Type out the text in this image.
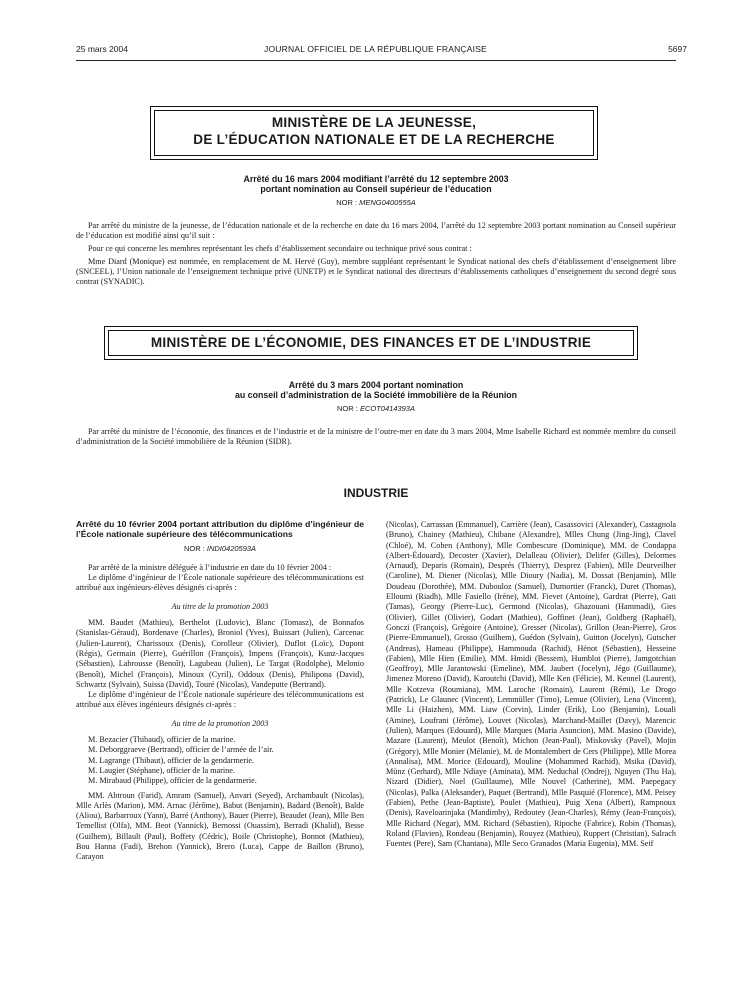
25 mars 2004	JOURNAL OFFICIEL DE LA RÉPUBLIQUE FRANÇAISE	5697
MINISTÈRE DE LA JEUNESSE,
DE L’ÉDUCATION NATIONALE ET DE LA RECHERCHE
Arrêté du 16 mars 2004 modifiant l’arrêté du 12 septembre 2003
portant nomination au Conseil supérieur de l’éducation
NOR : MENG0400555A
Par arrêté du ministre de la jeunesse, de l’éducation nationale et de la recherche en date du 16 mars 2004, l’arrêté du 12 septembre 2003 portant nomination au Conseil supérieur de l’éducation est modifié ainsi qu’il suit :
Pour ce qui concerne les membres représentant les chefs d’établissement secondaire ou technique privé sous contrat :
Mme Diard (Monique) est nommée, en remplacement de M. Hervé (Guy), membre suppléant représentant le Syndicat national des chefs d’établissement d’enseignement libre (SNCEEL), l’Union nationale de l’enseignement technique privé (UNETP) et le Syndicat national des directeurs d’établissements catholiques d’enseignement du second degré sous contrat (SYNADIC).
MINISTÈRE DE L’ÉCONOMIE, DES FINANCES ET DE L’INDUSTRIE
Arrêté du 3 mars 2004 portant nomination
au conseil d’administration de la Société immobilière de la Réunion
NOR : ECOT0414393A
Par arrêté du ministre de l’économie, des finances et de l’industrie et de la ministre de l’outre-mer en date du 3 mars 2004, Mme Isabelle Richard est nommée membre du conseil d’administration de la Société immobilière de la Réunion (SIDR).
INDUSTRIE

Arrêté du 10 février 2004 portant attribution du diplôme d’ingénieur de l’École nationale supérieure des télécommunications

NOR : INDI0420593A

Par arrêté de la ministre déléguée à l’industrie en date du 10 février 2004 :

Le diplôme d’ingénieur de l’École nationale supérieure des télécommunications est attribué aux ingénieurs-élèves désignés ci-après :

Au titre de la promotion 2003

MM. Baudet (Mathieu), Berthelot (Ludovic), Blanc (Tomasz), de Bonnafos (Stanislas-Géraud), Bordenave (Charles), Broniol (Yves), Buissart (Julien), Carcenac (Julien-Laurent), Charissoux (Denis), Corolleur (Olivier), Duflot (Loïc), Dupont (Régis), Germain (Pierre), Guérillon (François), Impens (François), Kunz-Jacques (Sébastien), Labrousse (Benoît), Lagubeau (Julien), Le Targat (Rodolphe), Melonio (Benoît), Michel (François), Minoux (Cyril), Oddoux (Denis), Philipona (David), Schwartz (Sylvain), Suissa (David), Touré (Nicolas), Vandeputte (Bertrand).

Le diplôme d’ingénieur de l’École nationale supérieure des télécommunications est attribué aux élèves ingénieurs désignés ci-après :

Au titre de la promotion 2003

M. Bezacier (Thibaud), officier de la marine.

M. Deborggraeve (Bertrand), officier de l’armée de l’air.

M. Lagrange (Thibaut), officier de la gendarmerie.

M. Laugier (Stéphane), officier de la marine.

M. Mirabaud (Philippe), officier de la gendarmerie.

MM. Abtroun (Farid), Amram (Samuel), Anvari (Seyed), Archambault (Nicolas), Mlle Arlès (Marion), MM. Arnac (Jérôme), Babut (Benjamin), Badard (Benoît), Balde (Aliou), Barbarroux (Yann), Barré (Anthony), Bauer (Pierre), Beaudet (Jean), Mlle Ben Temellist (Olfa), MM. Beot (Yannick), Bernossi (Ouassim), Berradi (Khalid), Besse (Guilhem), Billault (Paul), Boffety (Cédric), Boile (Christophe), Bonnot (Mathieu), Bou Hanna (Fadi), Brehon (Yannick), Brero (Luca), Cappe de Baillon (Bruno), Carayon

(Nicolas), Carrassan (Emmanuel), Carrière (Jean), Casassovici (Alexander), Castagnola (Bruno), Chainey (Mathieu), Chibane (Alexandre), Mlles Chung (Jing-Jing), Clavel (Chloé), M. Cohen (Anthony), Mlle Combescure (Dominique), MM. de Condappa (Albert-Édouard), Decoster (Xavier), Delalleau (Olivier), Delifer (Gilles), Delormes (Arnaud), Deparis (Romain), Després (Thierry), Desprez (Fabien), Mlle Deurveilher (Caroline), M. Diener (Nicolas), Mlle Dioury (Nadia), M. Dossat (Benjamin), Mlle Doudeau (Dorothée), MM. Dubouloz (Samuel), Dumortier (Franck), Duret (Thomas), Elloumi (Riadh), Mlle Fasiello (Irène), MM. Fievet (Antoine), Gardrat (Pierre), Gati (Tamas), Georgy (Pierre-Luc), Germond (Nicolas), Ghazouani (Hammadi), Gies (Olivier), Gillet (Olivier), Godart (Mathieu), Goffinet (Jean), Goldberg (Raphaël), Gonczi (François), Grégoire (Antoine), Gresser (Nicolas), Grillon (Jean-Pierre), Gros (Pierre-Emmanuel), Grosso (Guilhem), Guédon (Sylvain), Guitton (Jocelyn), Gutscher (Andreas), Hameau (Philippe), Hammouda (Rachid), Hénot (Sébastien), Hesseine (Fabien), Mlle Hien (Emilie), MM. Hmidi (Bessem), Humblot (Pierre), Jamgotchian (Geoffroy), Mlle Jarantowski (Emeline), MM. Jaubert (Jocelyn), Jégo (Guillaume), Jimenez Moreno (David), Karoutchi (David), Mlle Ken (Félicie), M. Kennel (Laurent), Mlle Kotzeva (Roumiana), MM. Laroche (Romain), Laurent (Rémi), Le Drogo (Patrick), Le Glaunec (Vincent), Lemmüller (Timo), Lemue (Olivier), Lena (Vincent), Mlle Li (Haizhen), MM. Liaw (Corvin), Linder (Erik), Loo (Benjamin), Louali (Amine), Loufrani (Jérôme), Louvet (Nicolas), Marchand-Maillet (Davy), Marencic (Julien), Marques (Edouard), Mlle Marques (Maria Asuncion), MM. Masino (Davide), Mazare (Laurent), Meulot (Benoît), Michon (Jean-Paul), Miskovsky (Pavel), Mojin (Grégory), Mlle Monier (Mélanie), M. de Montalembert de Cers (Philippe), Mlle Morea (Annalisa), MM. Morice (Edouard), Mouline (Mohammed Rachid), Msika (David), Münz (Gerhard), Mlle Ndiaye (Aminata), MM. Neduchal (Ondrej), Nguyen (Thu Ha), Nizard (Didier), Noel (Guillaume), Mlle Nouvel (Catherine), MM. Paepegacy (Nicolas), Palka (Aleksander), Paquet (Bertrand), Mlle Pasquié (Florence), MM. Peisey (Fabien), Pethe (Jean-Baptiste), Poulet (Mathieu), Puig Xena (Albert), Rampnoux (Denis), Raveloarinjaka (Mandimby), Redoutey (Jean-Charles), Rémy (Jean-François), Mlle Richard (Negar), MM. Richard (Sébastien), Ripoche (Fabrice), Robin (Thomas), Roland (Flavien), Rondeau (Benjamin), Rouyez (Mathieu), Ruppert (Christian), Salrach Fuentes (Pere), Sam (Chantana), Mlle Seco Granados (Maria Eugenia), MM. Seif
